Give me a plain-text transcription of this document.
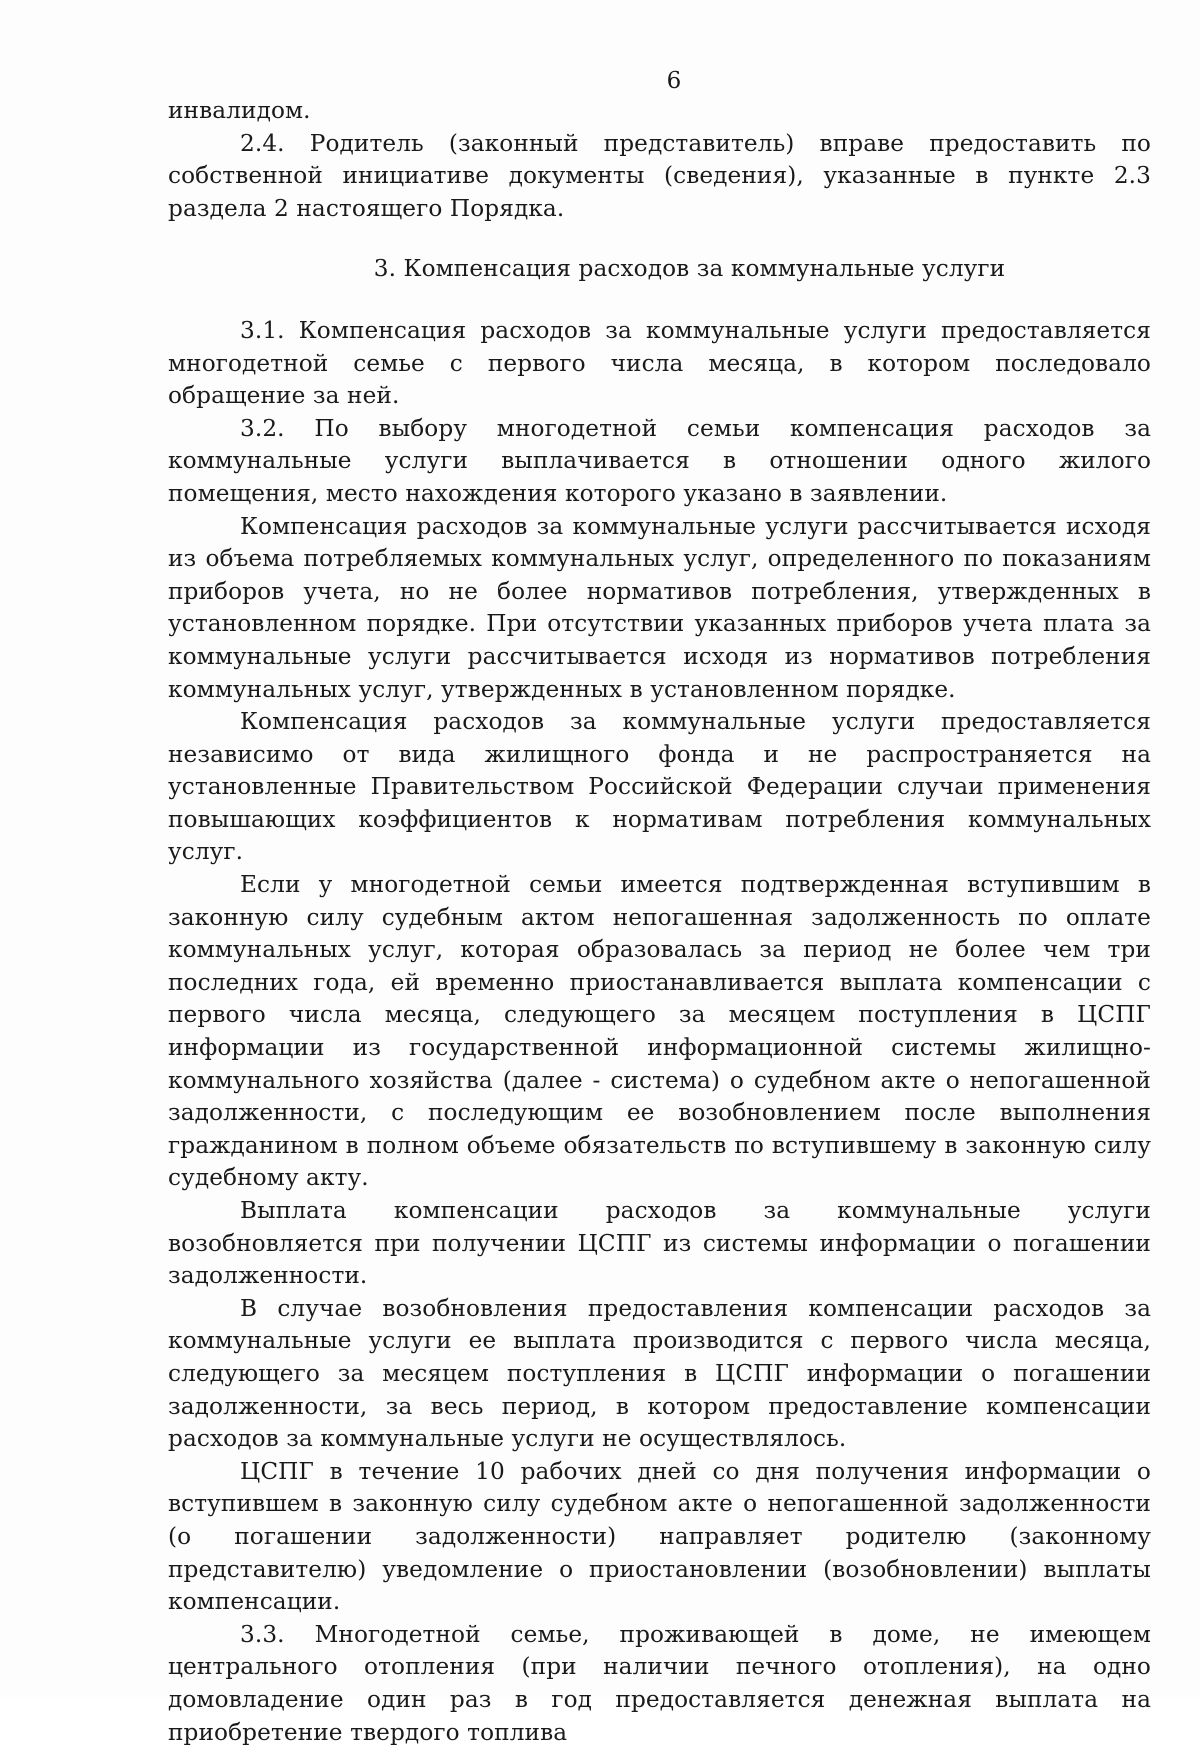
6

инвалидом.

2.4. Родитель (законный представитель) вправе предоставить по собственной инициативе документы (сведения), указанные в пункте 2.3 раздела 2 настоящего Порядка.

3. Компенсация расходов за коммунальные услуги

3.1. Компенсация расходов за коммунальные услуги предоставляется многодетной семье с первого числа месяца, в котором последовало обращение за ней.

3.2. По выбору многодетной семьи компенсация расходов за коммунальные услуги выплачивается в отношении одного жилого помещения, место нахождения которого указано в заявлении.

Компенсация расходов за коммунальные услуги рассчитывается исходя из объема потребляемых коммунальных услуг, определенного по показаниям приборов учета, но не более нормативов потребления, утвержденных в установленном порядке. При отсутствии указанных приборов учета плата за коммунальные услуги рассчитывается исходя из нормативов потребления коммунальных услуг, утвержденных в установленном порядке.

Компенсация расходов за коммунальные услуги предоставляется независимо от вида жилищного фонда и не распространяется на установленные Правительством Российской Федерации случаи применения повышающих коэффициентов к нормативам потребления коммунальных услуг.

Если у многодетной семьи имеется подтвержденная вступившим в законную силу судебным актом непогашенная задолженность по оплате коммунальных услуг, которая образовалась за период не более чем три последних года, ей временно приостанавливается выплата компенсации с первого числа месяца, следующего за месяцем поступления в ЦСПГ информации из государственной информационной системы жилищно-коммунального хозяйства (далее - система) о судебном акте о непогашенной задолженности, с последующим ее возобновлением после выполнения гражданином в полном объеме обязательств по вступившему в законную силу судебному акту.

Выплата компенсации расходов за коммунальные услуги возобновляется при получении ЦСПГ из системы информации о погашении задолженности.

В случае возобновления предоставления компенсации расходов за коммунальные услуги ее выплата производится с первого числа месяца, следующего за месяцем поступления в ЦСПГ информации о погашении задолженности, за весь период, в котором предоставление компенсации расходов за коммунальные услуги не осуществлялось.

ЦСПГ в течение 10 рабочих дней со дня получения информации о вступившем в законную силу судебном акте о непогашенной задолженности (о погашении задолженности) направляет родителю (законному представителю) уведомление о приостановлении (возобновлении) выплаты компенсации.

3.3. Многодетной семье, проживающей в доме, не имеющем центрального отопления (при наличии печного отопления), на одно домовладение один раз в год предоставляется денежная выплата на приобретение твердого топлива
